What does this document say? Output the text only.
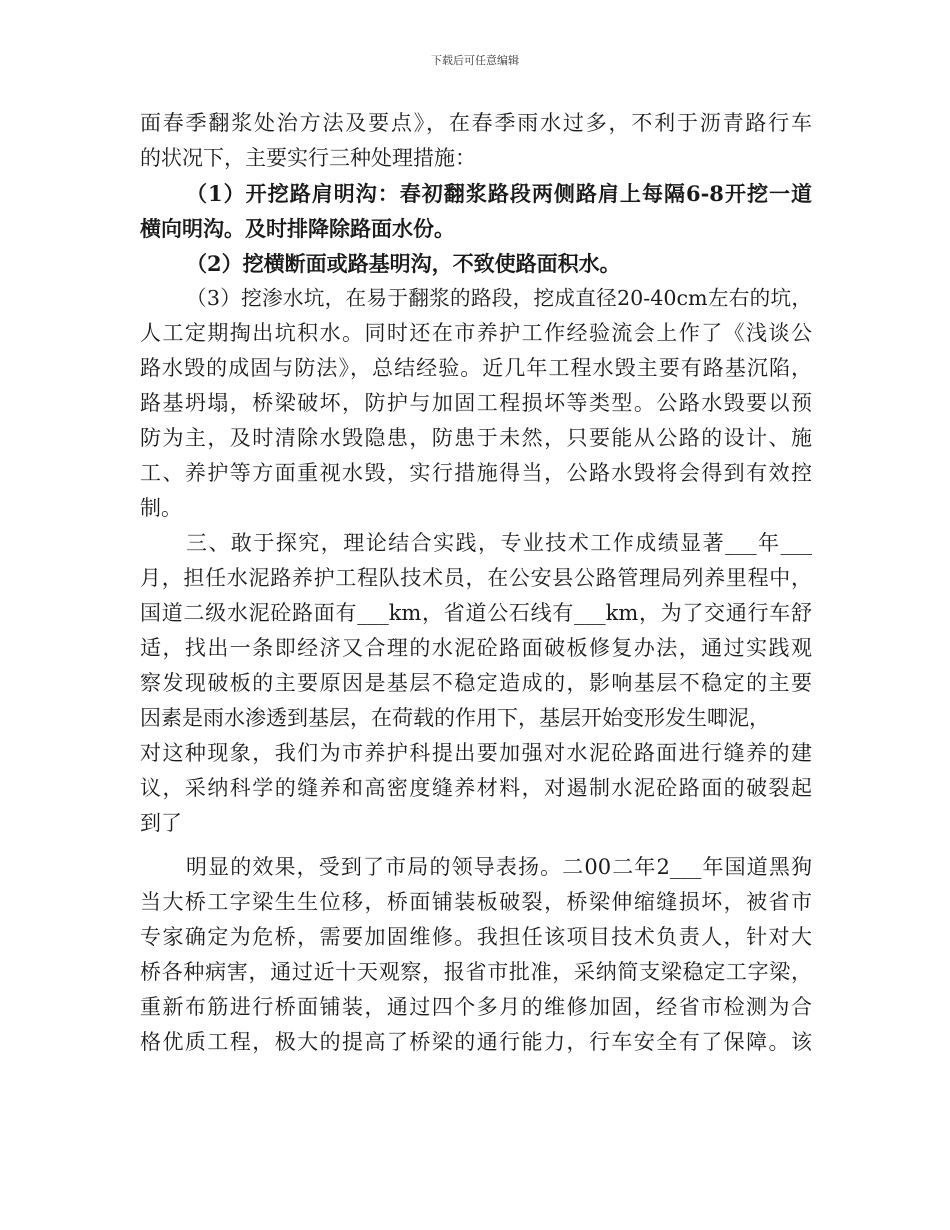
下载后可任意编辑
面春季翻浆处治方法及要点》，在春季雨水过多，不利于沥青路行车
的状况下，主要实行三种处理措施：
（1）开挖路肩明沟：春初翻浆路段两侧路肩上每隔6-8开挖一道
横向明沟。及时排降除路面水份。
（2）挖横断面或路基明沟，不致使路面积水。
（3）挖渗水坑，在易于翻浆的路段，挖成直径20-40cm左右的坑，
人工定期掏出坑积水。同时还在市养护工作经验流会上作了《浅谈公
路水毁的成固与防法》，总结经验。近几年工程水毁主要有路基沉陷，
路基坍塌，桥梁破坏，防护与加固工程损坏等类型。公路水毁要以预
防为主，及时清除水毁隐患，防患于未然，只要能从公路的设计、施
工、养护等方面重视水毁，实行措施得当，公路水毁将会得到有效控
制。
三、敢于探究，理论结合实践，专业技术工作成绩显著___年___
月，担任水泥路养护工程队技术员，在公安县公路管理局列养里程中，
国道二级水泥砼路面有___km，省道公石线有___km，为了交通行车舒
适，找出一条即经济又合理的水泥砼路面破板修复办法，通过实践观
察发现破板的主要原因是基层不稳定造成的，影响基层不稳定的主要
因素是雨水渗透到基层，在荷载的作用下，基层开始变形发生唧泥，
对这种现象，我们为市养护科提出要加强对水泥砼路面进行缝养的建
议，采纳科学的缝养和高密度缝养材料，对遏制水泥砼路面的破裂起
到了
明显的效果，受到了市局的领导表扬。二00二年2___年国道黑狗
当大桥工字梁生生位移，桥面铺装板破裂，桥梁伸缩缝损坏，被省市
专家确定为危桥，需要加固维修。我担任该项目技术负责人，针对大
桥各种病害，通过近十天观察，报省市批准，采纳简支梁稳定工字梁，
重新布筋进行桥面铺装，通过四个多月的维修加固，经省市检测为合
格优质工程，极大的提高了桥梁的通行能力，行车安全有了保障。该
